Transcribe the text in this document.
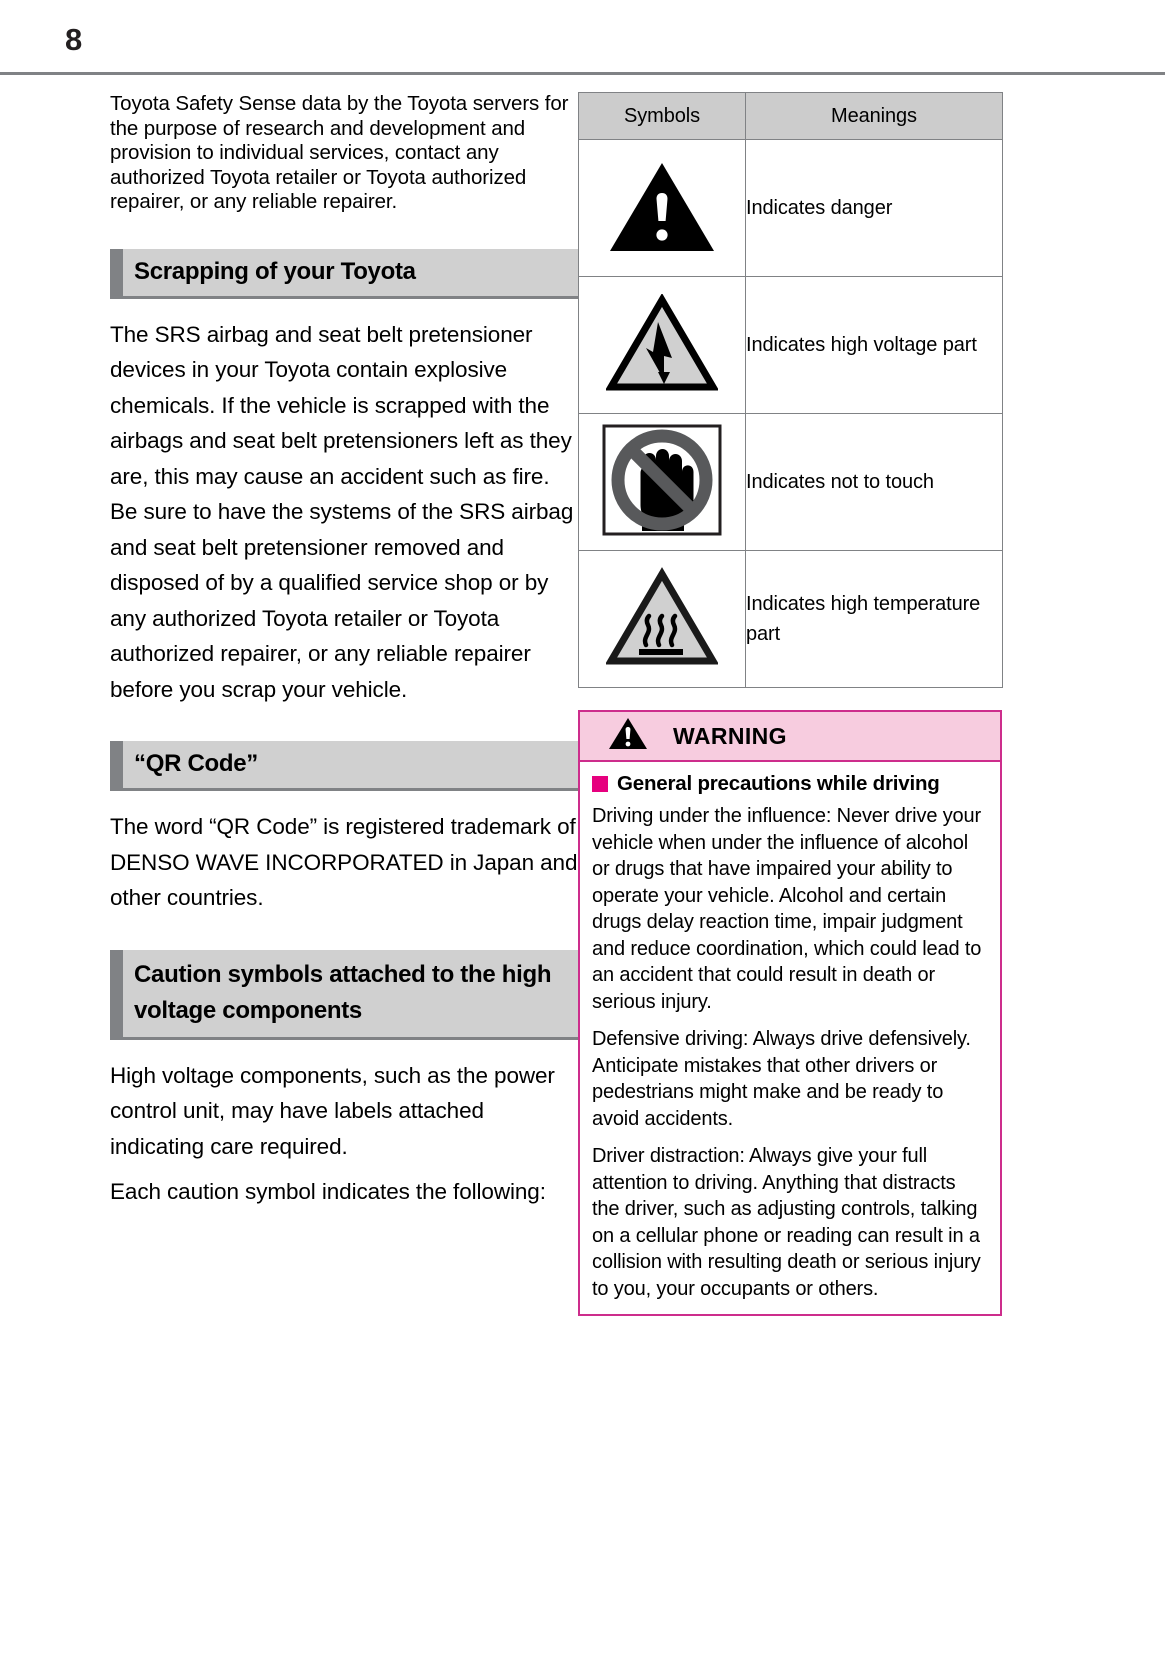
8

Toyota Safety Sense data by the Toyota servers for the purpose of research and development and provision to individual services, contact any authorized Toyota retailer or Toyota authorized repairer, or any reliable repairer.

Scrapping of your Toyota

The SRS airbag and seat belt pretensioner devices in your Toyota contain explosive chemicals. If the vehicle is scrapped with the airbags and seat belt pretensioners left as they are, this may cause an accident such as fire. Be sure to have the systems of the SRS airbag and seat belt pretensioner removed and disposed of by a qualified service shop or by any authorized Toyota retailer or Toyota authorized repairer, or any reliable repairer before you scrap your vehicle.

“QR Code”

The word “QR Code” is registered trademark of DENSO WAVE INCORPORATED in Japan and other countries.

Caution symbols attached to the high voltage components

High voltage components, such as the power control unit, may have labels attached indicating care required.

Each caution symbol indicates the following:

Symbols	Meanings
	Indicates danger
	Indicates high voltage part
	Indicates not to touch
	Indicates high temperature part
WARNING
General precautions while driving

Driving under the influence: Never drive your vehicle when under the influence of alcohol or drugs that have impaired your ability to operate your vehicle. Alcohol and certain drugs delay reaction time, impair judgment and reduce coordination, which could lead to an accident that could result in death or serious injury.

Defensive driving: Always drive defensively. Anticipate mistakes that other drivers or pedestrians might make and be ready to avoid accidents.

Driver distraction: Always give your full attention to driving. Anything that distracts the driver, such as adjusting controls, talking on a cellular phone or reading can result in a collision with resulting death or serious injury to you, your occupants or others.
